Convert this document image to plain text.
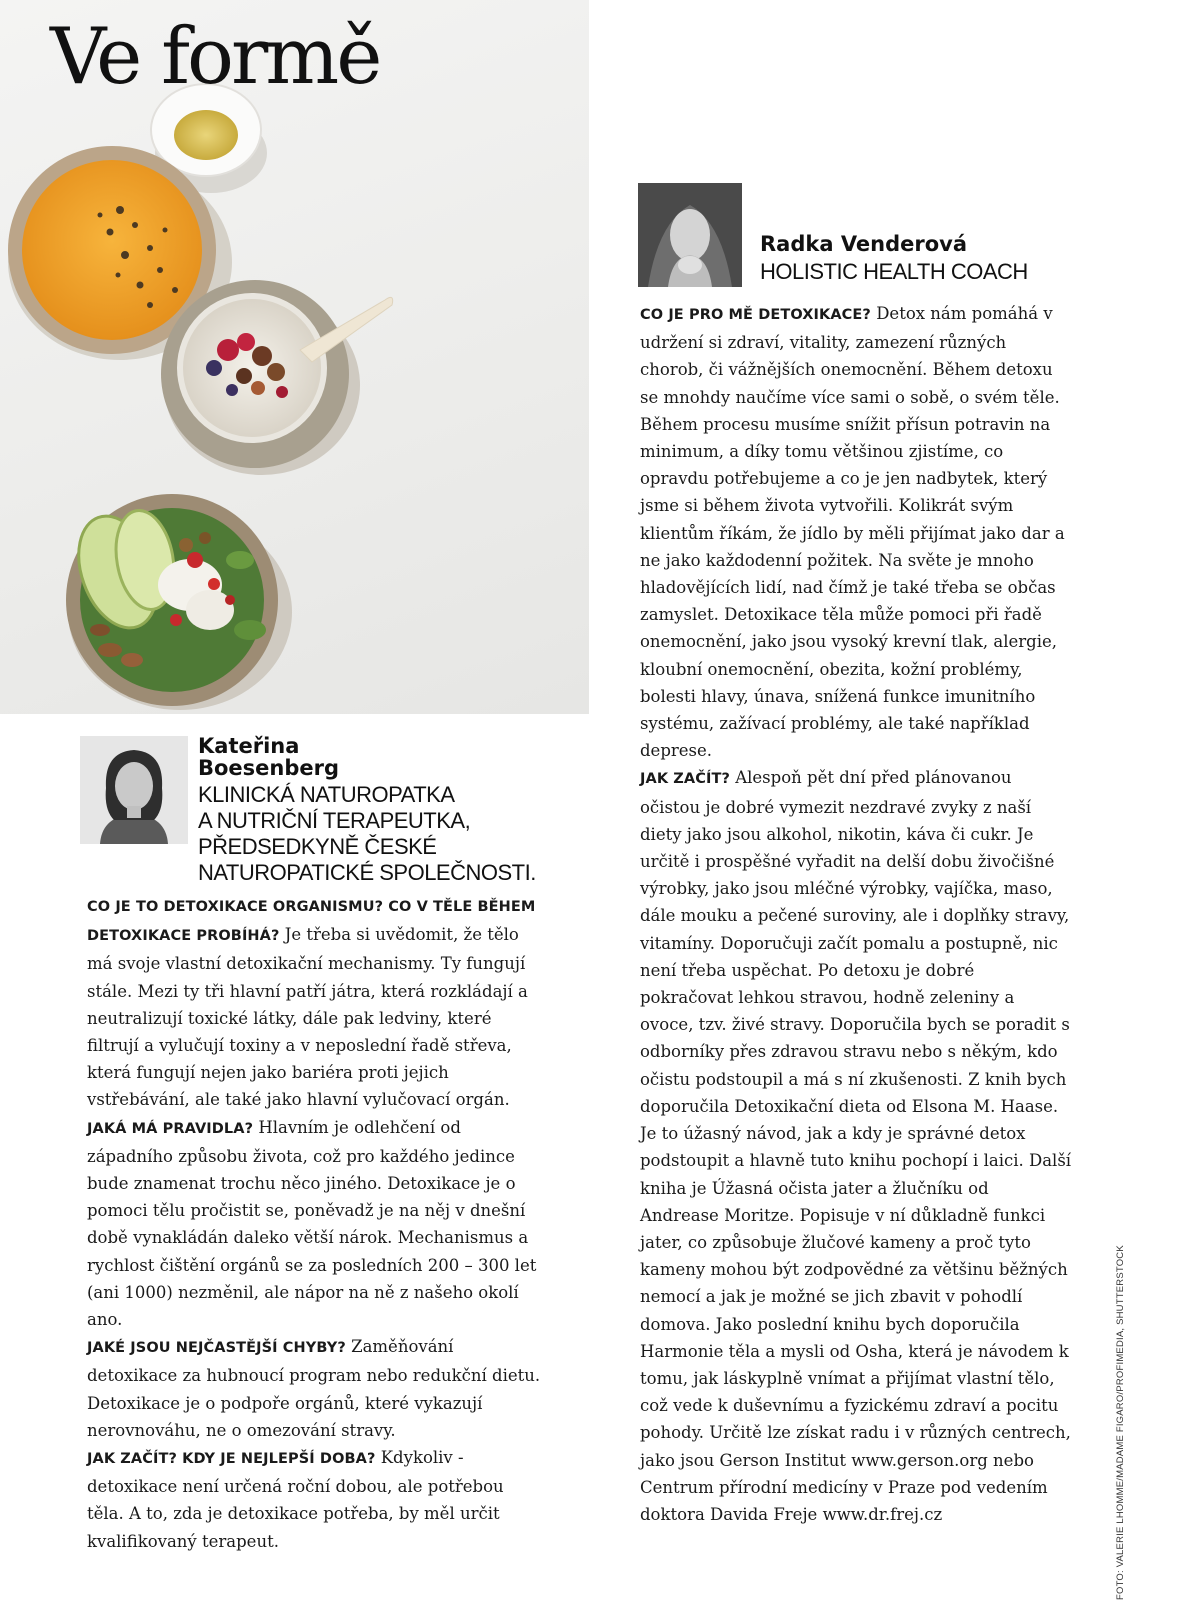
Ve formě
Kateřina
Boesenberg
KLINICKÁ NATUROPATKA
A NUTRIČNÍ TERAPEUTKA,
PŘEDSEDKYNĚ ČESKÉ
NATUROPATICKÉ SPOLEČNOSTI.

CO JE TO DETOXIKACE ORGANISMU? CO V TĚLE BĚHEM DETOXIKACE PROBÍHÁ? Je třeba si uvědomit, že tělo má svoje vlastní detoxikační mechanismy. Ty fungují stále. Mezi ty tři hlavní patří játra, která rozkládají a neutralizují toxické látky, dále pak ledviny, které filtrují a vylučují toxiny a v neposlední řadě střeva, která fungují nejen jako bariéra proti jejich vstřebávání, ale také jako hlavní vylučovací orgán.

JAKÁ MÁ PRAVIDLA? Hlavním je odlehčení od západního způsobu života, což pro každého jedince bude znamenat trochu něco jiného. Detoxikace je o pomoci tělu pročistit se, poněvadž je na něj v dnešní době vynakládán daleko větší nárok. Mechanismus a rychlost čištění orgánů se za posledních 200 – 300 let (ani 1000) nezměnil, ale nápor na ně z našeho okolí ano.

JAKÉ JSOU NEJČASTĚJŠÍ CHYBY? Zaměňování detoxikace za hubnoucí program nebo redukční dietu. Detoxikace je o podpoře orgánů, které vykazují nerovnováhu, ne o omezování stravy.

JAK ZAČÍT? KDY JE NEJLEPŠÍ DOBA? Kdykoliv - detoxikace není určená roční dobou, ale potřebou těla. A to, zda je detoxikace potřeba, by měl určit kvalifikovaný terapeut.

Radka Venderová
HOLISTIC HEALTH COACH

CO JE PRO MĚ DETOXIKACE? Detox nám pomáhá v udržení si zdraví, vitality, zamezení různých chorob, či vážnějších onemocnění. Během detoxu se mnohdy naučíme více sami o sobě, o svém těle. Během procesu musíme snížit přísun potravin na minimum, a díky tomu většinou zjistíme, co opravdu potřebujeme a co je jen nadbytek, který jsme si během života vytvořili. Kolikrát svým klientům říkám, že jídlo by měli přijímat jako dar a ne jako každodenní požitek. Na světe je mnoho hladovějících lidí, nad čímž je také třeba se občas zamyslet. Detoxikace těla může pomoci při řadě onemocnění, jako jsou vysoký krevní tlak, alergie, kloubní onemocnění, obezita, kožní problémy, bolesti hlavy, únava, snížená funkce imunitního systému, zažívací problémy, ale také například deprese.

JAK ZAČÍT? Alespoň pět dní před plánovanou očistou je dobré vymezit nezdravé zvyky z naší diety jako jsou alkohol, nikotin, káva či cukr. Je určitě i prospěšné vyřadit na delší dobu živočišné výrobky, jako jsou mléčné výrobky, vajíčka, maso, dále mouku a pečené suroviny, ale i doplňky stravy, vitamíny. Doporučuji začít pomalu a postupně, nic není třeba uspěchat. Po detoxu je dobré pokračovat lehkou stravou, hodně zeleniny a ovoce, tzv. živé stravy. Doporučila bych se poradit s odborníky přes zdravou stravu nebo s někým, kdo očistu podstoupil a má s ní zkušenosti. Z knih bych doporučila Detoxikační dieta od Elsona M. Haase. Je to úžasný návod, jak a kdy je správné detox podstoupit a hlavně tuto knihu pochopí i laici. Další kniha je Úžasná očista jater a žlučníku od Andrease Moritze. Popisuje v ní důkladně funkci jater, co způsobuje žlučové kameny a proč tyto kameny mohou být zodpovědné za většinu běžných nemocí a jak je možné se jich zbavit v pohodlí domova. Jako poslední knihu bych doporučila Harmonie těla a mysli od Osha, která je návodem k tomu, jak láskyplně vnímat a přijímat vlastní tělo, což vede k duševnímu a fyzickému zdraví a pocitu pohody. Určitě lze získat radu i v různých centrech, jako jsou Gerson Institut www.gerson.org nebo Centrum přírodní medicíny v Praze pod vedením doktora Davida Freje www.dr.frej.cz	FOTO: VALERIE LHOMME/MADAME FIGARO/PROFIMEDIA, SHUTTERSTOCK
